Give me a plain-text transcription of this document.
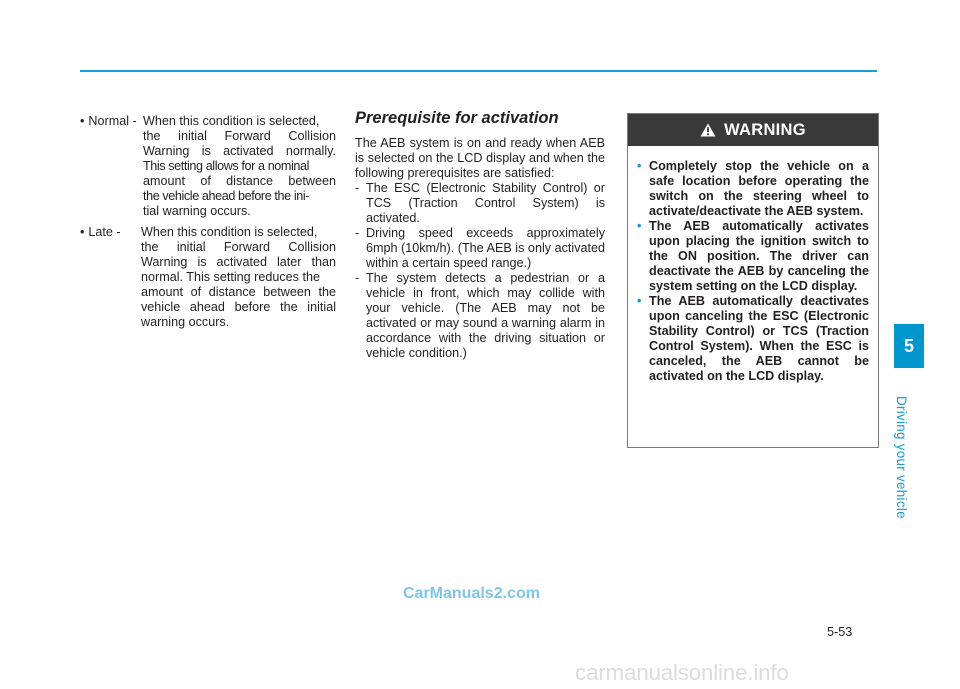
• Normal - When this condition is selected,
the initial Forward Collision
Warning is activated normally.
This setting allows for a nominal
amount of distance between
the vehicle ahead before the ini-
tial warning occurs.
• Late - When this condition is selected,
the initial Forward Collision
Warning is activated later than
normal. This setting reduces the
amount of distance between the
vehicle ahead before the initial
warning occurs.
Prerequisite for activation

The AEB system is on and ready when AEB is selected on the LCD display and when the following prerequisites are satisfied:

- The ESC (Electronic Stability Control) or TCS (Traction Control System) is activated.
- Driving speed exceeds approximately 6mph (10km/h). (The AEB is only activated within a certain speed range.)
- The system detects a pedestrian or a vehicle in front, which may collide with your vehicle. (The AEB may not be activated or may sound a warning alarm in accordance with the driving situation or vehicle condition.)
WARNING
• Completely stop the vehicle on a safe location before operating the switch on the steering wheel to activate/deactivate the AEB system.
• The AEB automatically activates upon placing the ignition switch to the ON position. The driver can deactivate the AEB by canceling the system setting on the LCD display.
• The AEB automatically deactivates upon canceling the ESC (Electronic Stability Control) or TCS (Traction Control System). When the ESC is canceled, the AEB cannot be activated on the LCD display.
5
Driving your vehicle
5-53
CarManuals2.com
carmanualsonline.info
